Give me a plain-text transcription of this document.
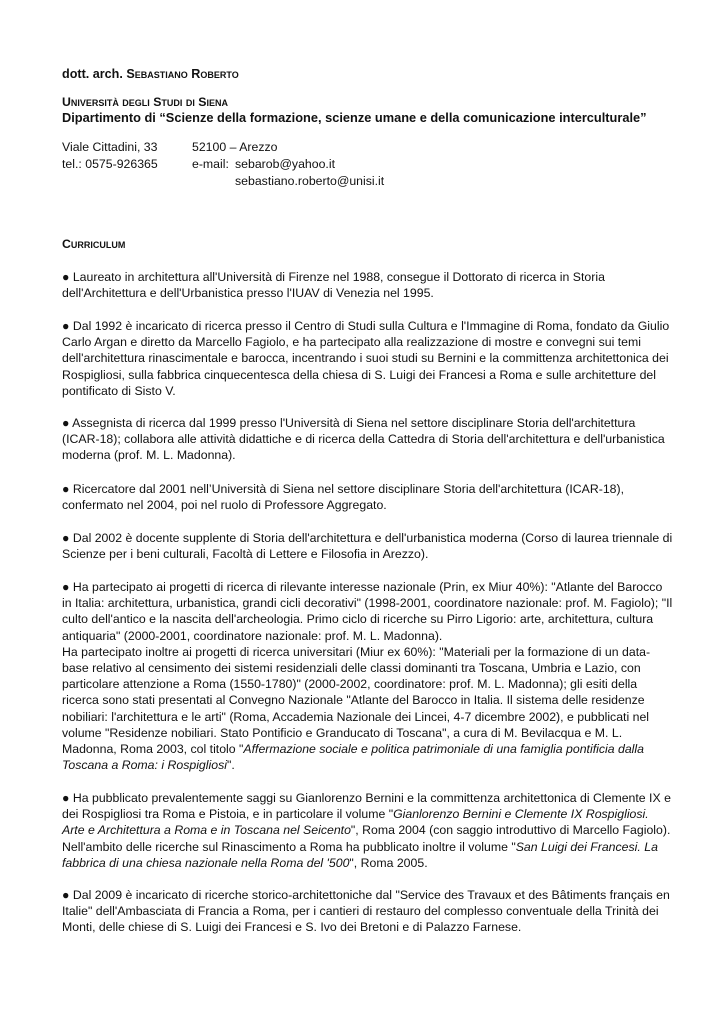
dott. arch. Sebastiano Roberto
Università degli Studi di Siena
Dipartimento di “Scienze della formazione, scienze umane e della comunicazione interculturale”
Viale Cittadini, 33	52100 – Arezzo
tel.: 0575-926365	e-mail: sebarob@yahoo.it
sebastiano.roberto@unisi.it
Curriculum
● Laureato in architettura all'Università di Firenze nel 1988, consegue il Dottorato di ricerca in Storia dell'Architettura e dell'Urbanistica presso l'IUAV di Venezia nel 1995.
● Dal 1992 è incaricato di ricerca presso il Centro di Studi sulla Cultura e l'Immagine di Roma, fondato da Giulio Carlo Argan e diretto da Marcello Fagiolo, e ha partecipato alla realizzazione di mostre e convegni sui temi dell'architettura rinascimentale e barocca, incentrando i suoi studi su Bernini e la committenza architettonica dei Rospigliosi, sulla fabbrica cinquecentesca della chiesa di S. Luigi dei Francesi a Roma e sulle architetture del pontificato di Sisto V.
● Assegnista di ricerca dal 1999 presso l'Università di Siena nel settore disciplinare Storia dell'architettura (ICAR-18); collabora alle attività didattiche e di ricerca della Cattedra di Storia dell'architettura e dell'urbanistica moderna (prof. M. L. Madonna).
● Ricercatore dal 2001 nell’Università di Siena nel settore disciplinare Storia dell'architettura (ICAR-18), confermato nel 2004, poi nel ruolo di Professore Aggregato.
● Dal 2002 è docente supplente di Storia dell'architettura e dell'urbanistica moderna (Corso di laurea triennale di Scienze per i beni culturali, Facoltà di Lettere e Filosofia in Arezzo).

● Ha partecipato ai progetti di ricerca di rilevante interesse nazionale (Prin, ex Miur 40%): "Atlante del Barocco in Italia: architettura, urbanistica, grandi cicli decorativi" (1998-2001, coordinatore nazionale: prof. M. Fagiolo); "Il culto dell'antico e la nascita dell'archeologia. Primo ciclo di ricerche su Pirro Ligorio: arte, architettura, cultura antiquaria" (2000-2001, coordinatore nazionale: prof. M. L. Madonna).

Ha partecipato inoltre ai progetti di ricerca universitari (Miur ex 60%): "Materiali per la formazione di un data-base relativo al censimento dei sistemi residenziali delle classi dominanti tra Toscana, Umbria e Lazio, con particolare attenzione a Roma (1550-1780)" (2000-2002, coordinatore: prof. M. L. Madonna); gli esiti della ricerca sono stati presentati al Convegno Nazionale "Atlante del Barocco in Italia. Il sistema delle residenze nobiliari: l'architettura e le arti" (Roma, Accademia Nazionale dei Lincei, 4-7 dicembre 2002), e pubblicati nel volume "Residenze nobiliari. Stato Pontificio e Granducato di Toscana", a cura di M. Bevilacqua e M. L. Madonna, Roma 2003, col titolo "Affermazione sociale e politica patrimoniale di una famiglia pontificia dalla Toscana a Roma: i Rospigliosi".

● Ha pubblicato prevalentemente saggi su Gianlorenzo Bernini e la committenza architettonica di Clemente IX e dei Rospigliosi tra Roma e Pistoia, e in particolare il volume "Gianlorenzo Bernini e Clemente IX Rospigliosi. Arte e Architettura a Roma e in Toscana nel Seicento", Roma 2004 (con saggio introduttivo di Marcello Fagiolo).

Nell'ambito delle ricerche sul Rinascimento a Roma ha pubblicato inoltre il volume "San Luigi dei Francesi. La fabbrica di una chiesa nazionale nella Roma del '500", Roma 2005.

● Dal 2009 è incaricato di ricerche storico-architettoniche dal "Service des Travaux et des Bâtiments français en Italie" dell'Ambasciata di Francia a Roma, per i cantieri di restauro del complesso conventuale della Trinità dei Monti, delle chiese di S. Luigi dei Francesi e S. Ivo dei Bretoni e di Palazzo Farnese.
